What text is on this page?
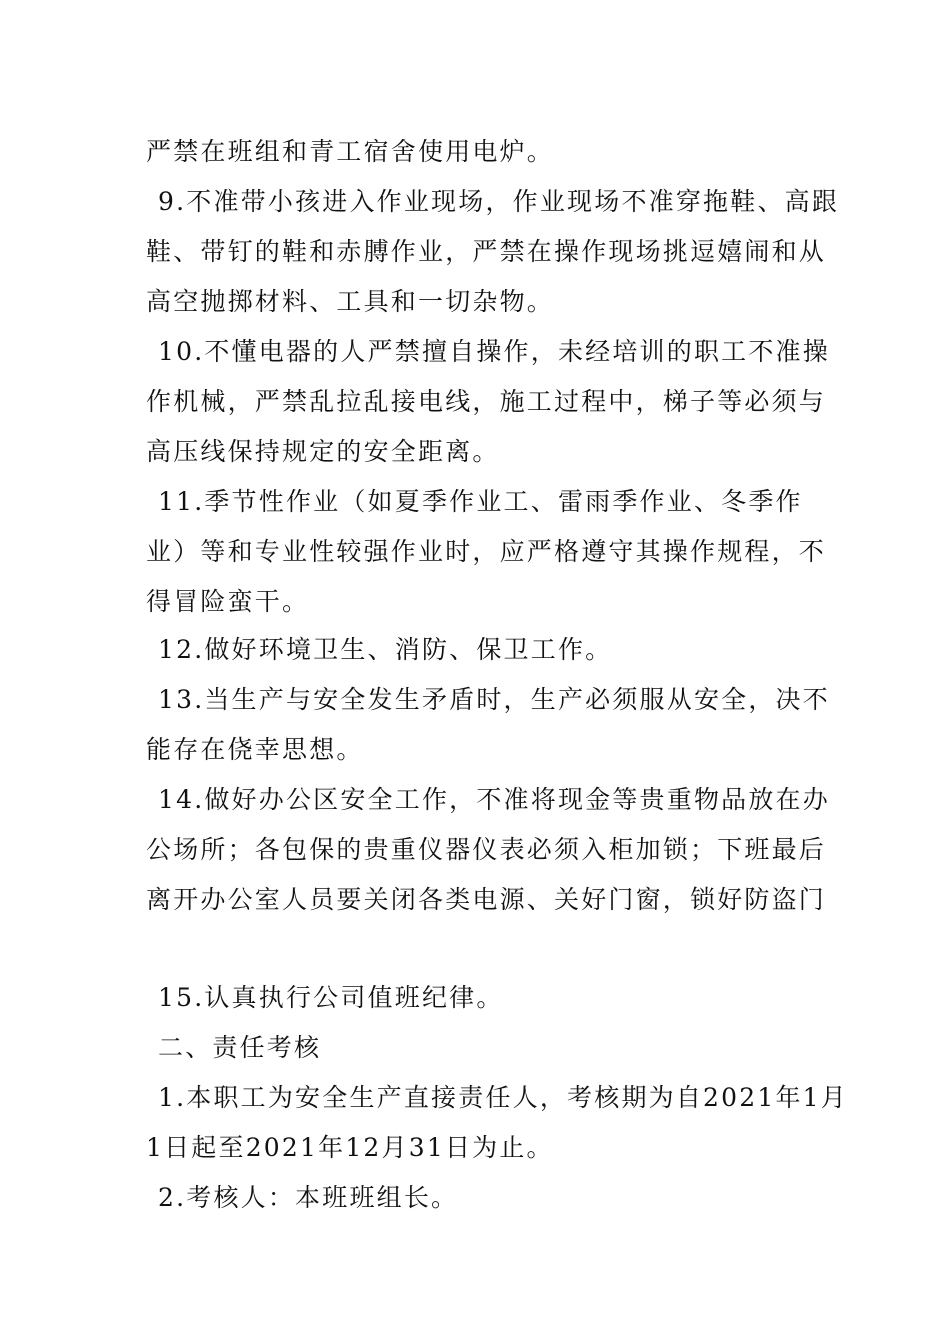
严禁在班组和青工宿舍使用电炉。
9.不准带小孩进入作业现场，作业现场不准穿拖鞋、高跟
鞋、带钉的鞋和赤膊作业，严禁在操作现场挑逗嬉闹和从
高空抛掷材料、工具和一切杂物。
10.不懂电器的人严禁擅自操作，未经培训的职工不准操
作机械，严禁乱拉乱接电线，施工过程中，梯子等必须与
高压线保持规定的安全距离。
11.季节性作业（如夏季作业工、雷雨季作业、冬季作
业）等和专业性较强作业时，应严格遵守其操作规程，不
得冒险蛮干。
12.做好环境卫生、消防、保卫工作。
13.当生产与安全发生矛盾时，生产必须服从安全，决不
能存在侥幸思想。
14.做好办公区安全工作，不准将现金等贵重物品放在办
公场所；各包保的贵重仪器仪表必须入柜加锁；下班最后
离开办公室人员要关闭各类电源、关好门窗，锁好防盗门
15.认真执行公司值班纪律。
二、责任考核
1.本职工为安全生产直接责任人，考核期为自2021年1月
1日起至2021年12月31日为止。
2.考核人：本班班组长。
